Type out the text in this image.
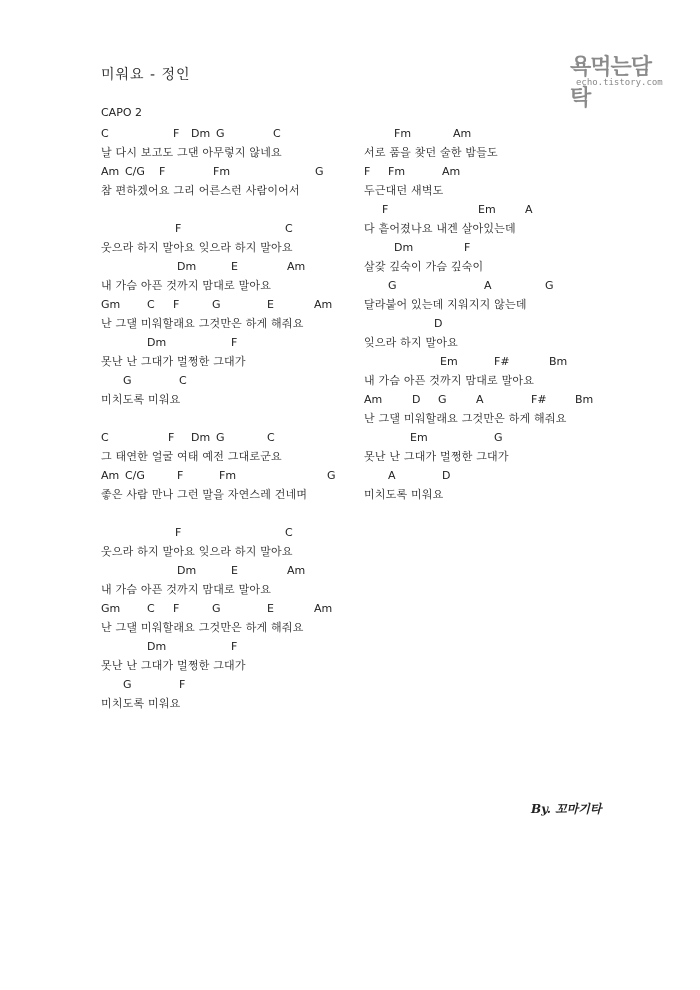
미워요 - 정인
CAPO 2
욕먹는담탁
echo.tistory.com
C	F Dm G	C
날 다시 보고도 그댄 아무렇지 않네요
Am C/G F	Fm	G
참 편하겠어요 그리 어른스런 사람이어서
F	C
웃으라 하지 말아요 잊으라 하지 말아요
Dm	E	Am
내 가슴 아픈 것까지 맘대로 말아요
Gm C F	G	E	Am
난 그댈 미워할래요 그것만은 하게 해줘요
Dm	F
못난 난 그대가 멀쩡한 그대가
G	C
미치도록 미워요
C	F Dm G	C
그 태연한 얼굴 여태 예전 그대로군요
Am C/G	F	Fm	G
좋은 사람 만나 그런 말을 자연스레 건네며
F	C
웃으라 하지 말아요 잊으라 하지 말아요
Dm	E	Am
내 가슴 아픈 것까지 맘대로 말아요
Gm C F	G	E	Am
난 그댈 미워할래요 그것만은 하게 해줘요
Dm	F
못난 난 그대가 멀쩡한 그대가
G	F
미치도록 미워요
Fm	Am
서로 품을 찾던 술한 밤들도
F Fm	Am
두근대던 새벽도
F	Em	A
다 흩어졌나요 내겐 살아있는데
Dm	F
살갗 깊숙이 가슴 깊숙이
G	A	G
달라붙어 있는데 지워지지 않는데
D
잊으라 하지 말아요
Em	F#	Bm
내 가슴 아픈 것까지 맘대로 말아요
Am	D G	A	F#	Bm
난 그댈 미워할래요 그것만은 하게 해줘요
Em	G
못난 난 그대가 멀쩡한 그대가
A	D
미치도록 미워요
By. 꼬마기타
